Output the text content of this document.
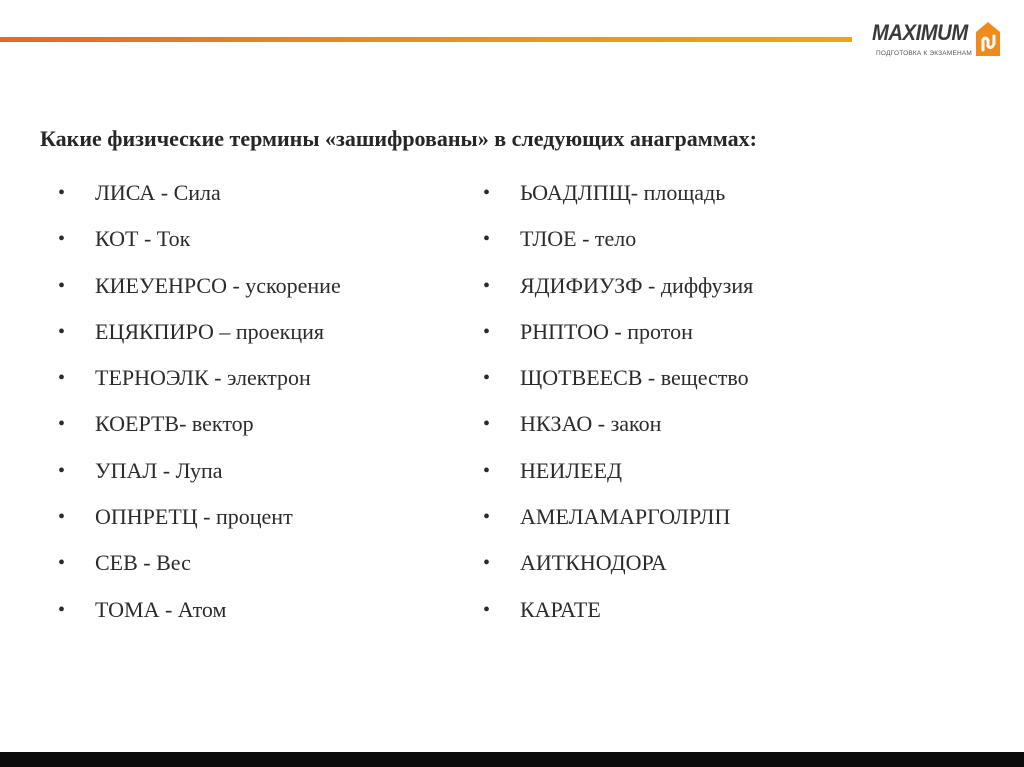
MAXIMUM
ПОДГОТОВКА К ЭКЗАМЕНАМ
Какие физические термины «зашифрованы» в следующих анаграммах:
• ЛИСА - Сила
• КОТ - Ток
• КИЕУЕНРСО - ускорение
• ЕЦЯКПИРО – проекция
• ТЕРНОЭЛК - электрон
• КОЕРТВ- вектор
• УПАЛ - Лупа
• ОПНРЕТЦ - процент
• СЕВ - Вес
• ТОМА - Атом
• ЬОАДЛПЩ- площадь
• ТЛОЕ - тело
• ЯДИФИУЗФ - диффузия
• РНПТОО - протон
• ЩОТВЕЕСВ - вещество
• НКЗАО - закон
• НЕИЛЕЕД
• АМЕЛАМАРГОЛРЛП
• АИТКНОДОРА
• КАРАТЕ
